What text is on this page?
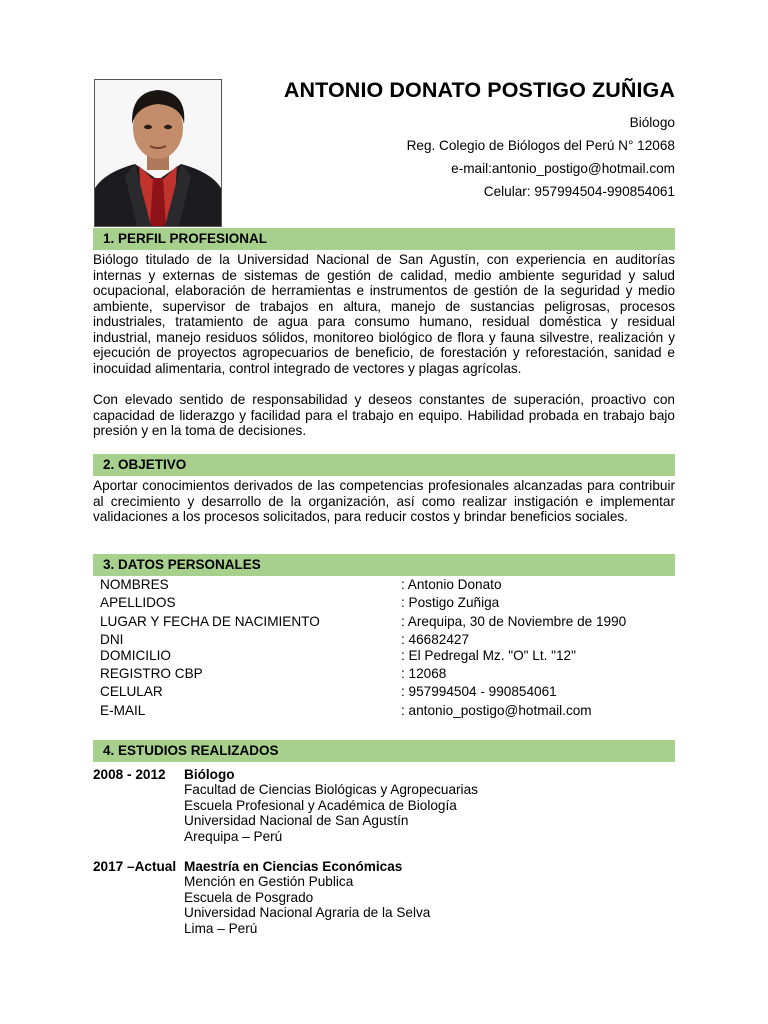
ANTONIO DONATO POSTIGO ZUÑIGA

Biólogo

Reg. Colegio de Biólogos del Perú N° 12068

e-mail:antonio_postigo@hotmail.com

Celular: 957994504-990854061

1. PERFIL PROFESIONAL

Biólogo titulado de la Universidad Nacional de San Agustín, con experiencia en auditorías internas y externas de sistemas de gestión de calidad, medio ambiente seguridad y salud ocupacional, elaboración de herramientas e instrumentos de gestión de la seguridad y medio ambiente, supervisor de trabajos en altura, manejo de sustancias peligrosas, procesos industriales, tratamiento de agua para consumo humano, residual doméstica y residual industrial, manejo residuos sólidos, monitoreo biológico de flora y fauna silvestre, realización y ejecución de proyectos agropecuarios de beneficio, de forestación y reforestación, sanidad e inocuidad alimentaria, control integrado de vectores y plagas agrícolas.

Con elevado sentido de responsabilidad y deseos constantes de superación, proactivo con capacidad de liderazgo y facilidad para el trabajo en equipo. Habilidad probada en trabajo bajo presión y en la toma de decisiones.

2. OBJETIVO

Aportar conocimientos derivados de las competencias profesionales alcanzadas para contribuir al crecimiento y desarrollo de la organización, así como realizar instigación e implementar validaciones a los procesos solicitados, para reducir costos y brindar beneficios sociales.

3. DATOS PERSONALES

NOMBRES	: Antonio Donato

APELLIDOS	: Postigo Zuñiga

LUGAR Y FECHA DE NACIMIENTO	: Arequipa, 30 de Noviembre de 1990

DNI	: 46682427

DOMICILIO	: El Pedregal Mz. "O" Lt. "12"

REGISTRO CBP	: 12068

CELULAR	: 957994504 - 990854061

E-MAIL	: antonio_postigo@hotmail.com

4. ESTUDIOS REALIZADOS
2008 - 2012 Biólogo
Facultad de Ciencias Biológicas y Agropecuarias
Escuela Profesional y Académica de Biología
Universidad Nacional de San Agustín
Arequipa – Perú
2017 –Actual Maestría en Ciencias Económicas
Mención en Gestión Publica
Escuela de Posgrado
Universidad Nacional Agraria de la Selva
Lima – Perú
